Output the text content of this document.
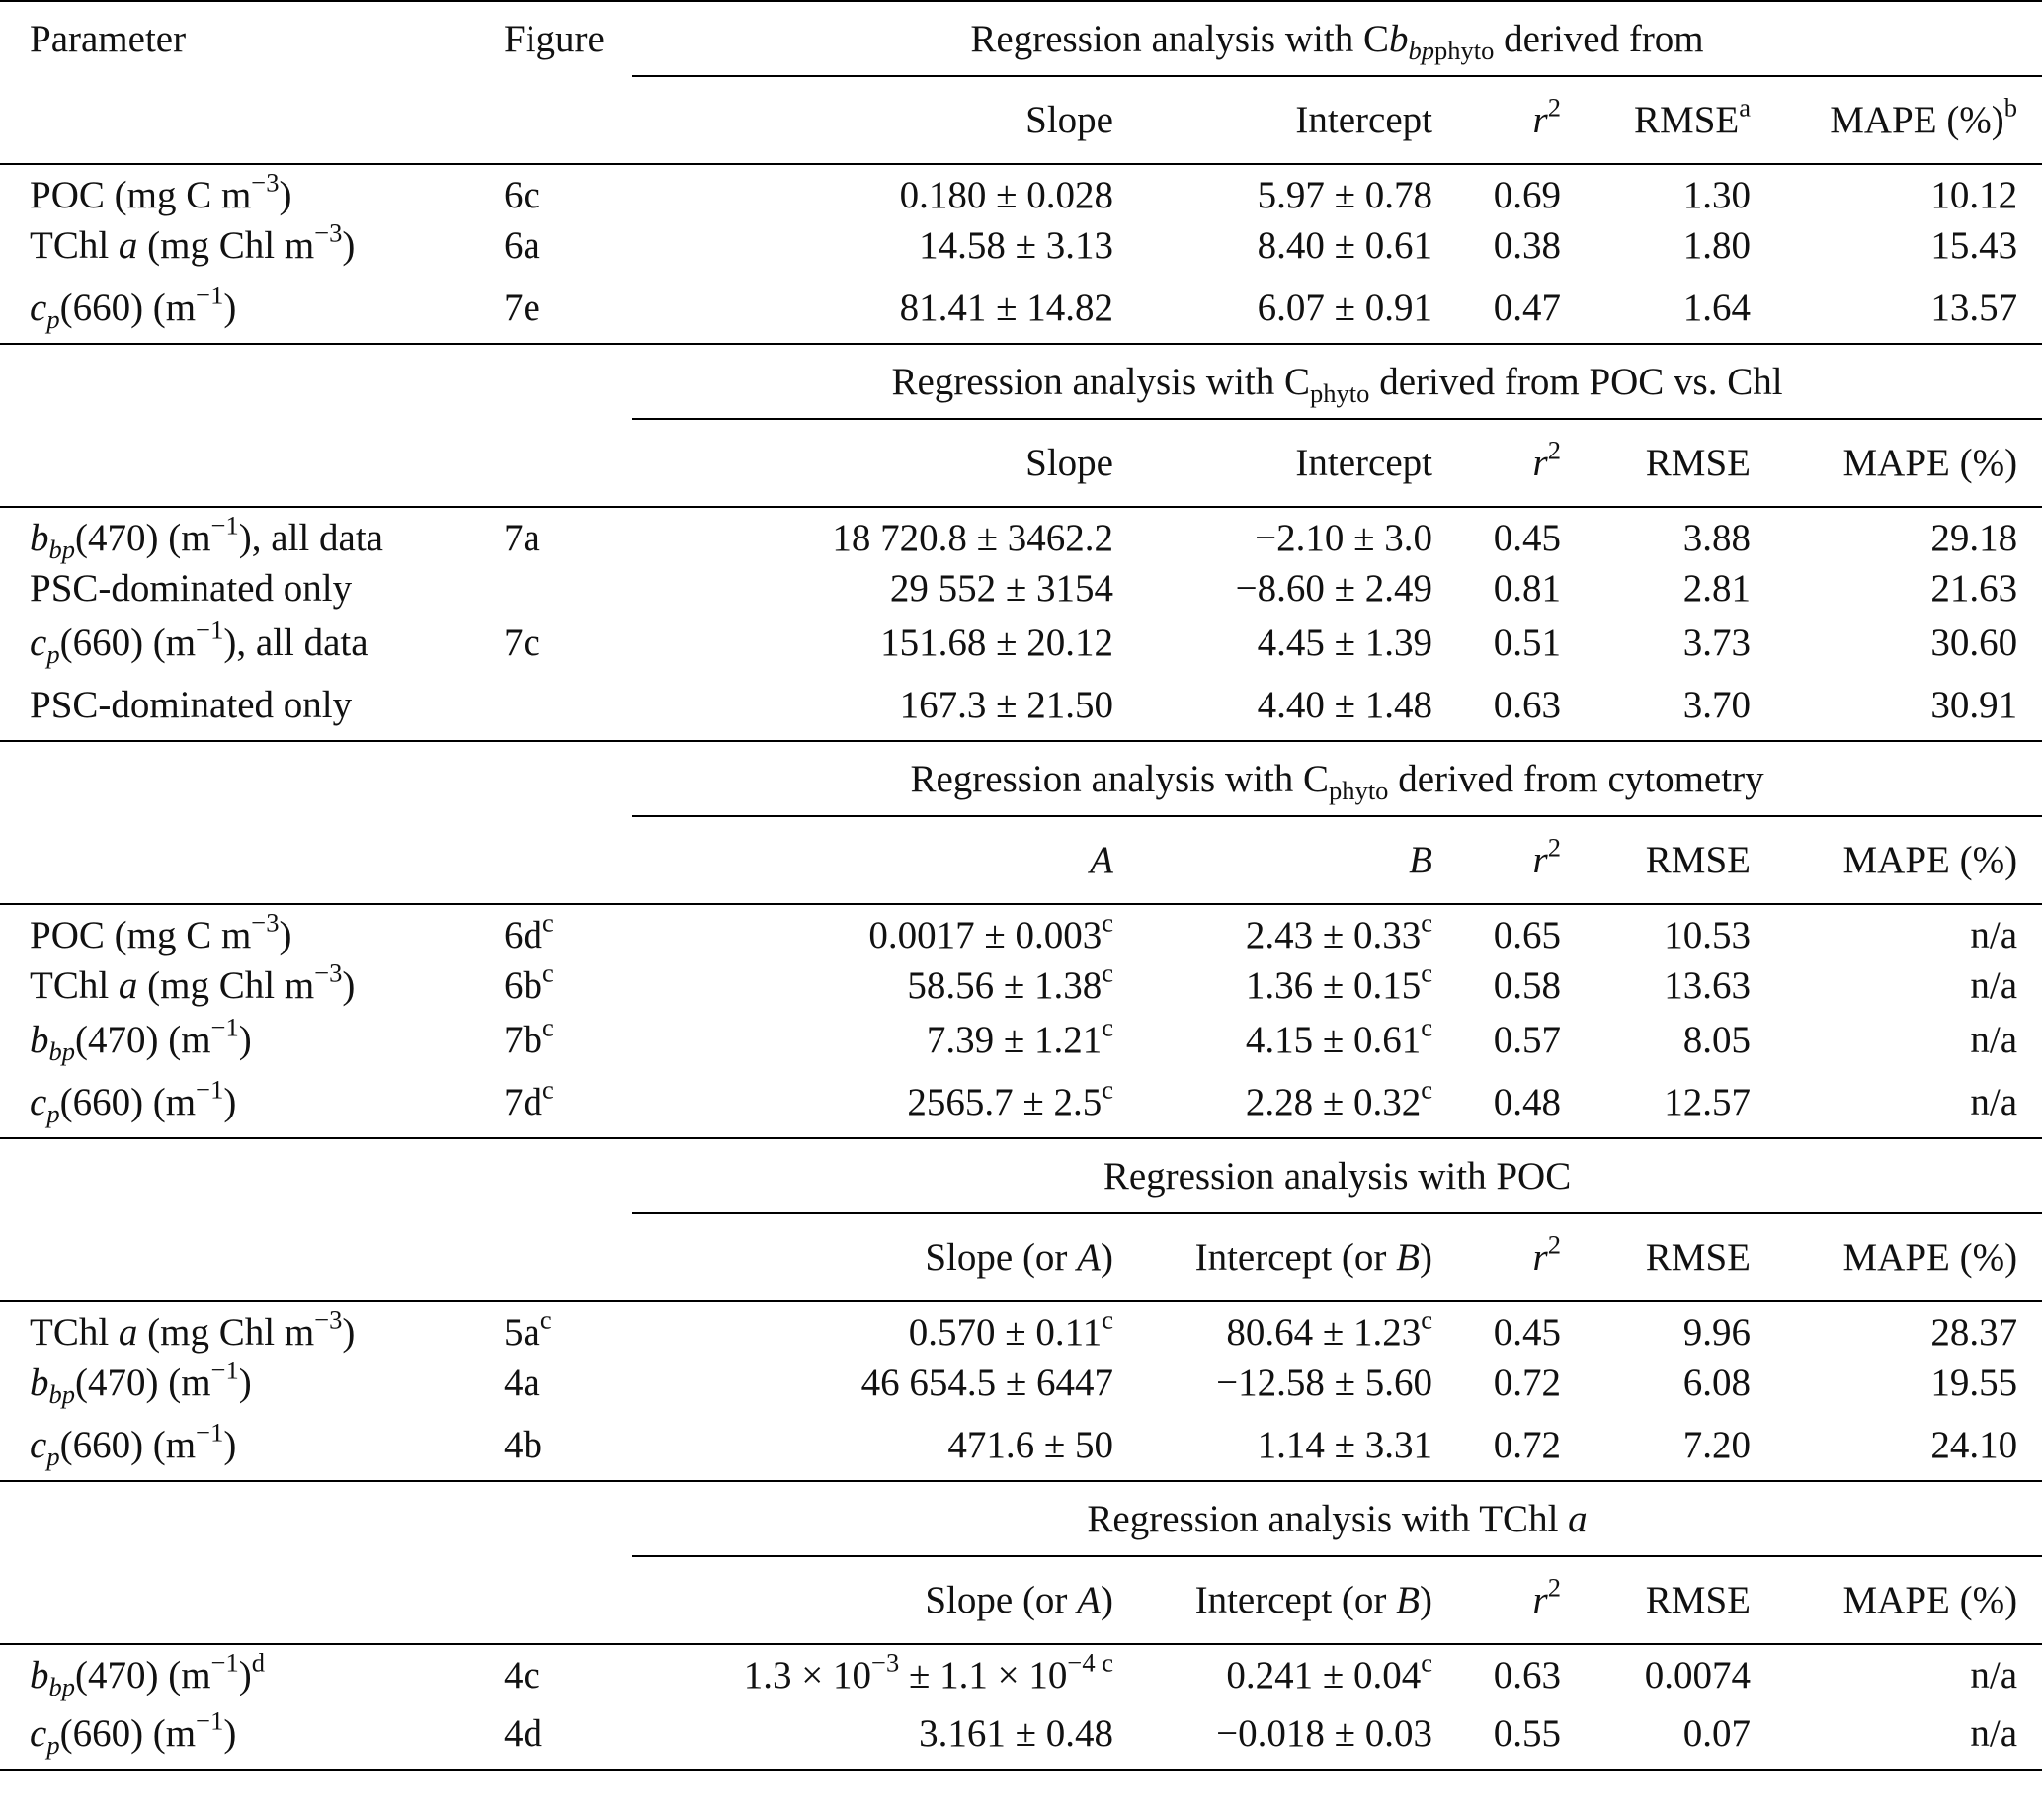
Parameter	Figure	Regression analysis with $Cb_{bpphyto}$ derived from				
		Slope	Intercept	$r^2$	RMSE$^a$	MAPE (%)$^b$
POC (mg C $m^{-3}$)	6c	0.180 ± 0.028	5.97 ± 0.78	0.69	1.30	10.12
TChl a (mg Chl $m^{-3}$)	6a	14.58 ± 3.13	8.40 ± 0.61	0.38	1.80	15.43
$c_p(660)$ $(m^{-1})$	7e	81.41 ± 14.82	6.07 ± 0.91	0.47	1.64	13.57
		Regression analysis with $C_{phyto}$ derived from POC vs. Chl				
		Slope	Intercept	$r^2$	RMSE	MAPE (%)
$b_{bp}(470)$ $(m^{-1})$, all data	7a	18 720.8 ± 3462.2	−2.10 ± 3.0	0.45	3.88	29.18
PSC-dominated only		29 552 ± 3154	−8.60 ± 2.49	0.81	2.81	21.63
$c_p(660)$ $(m^{-1})$, all data	7c	151.68 ± 20.12	4.45 ± 1.39	0.51	3.73	30.60
PSC-dominated only		167.3 ± 21.50	4.40 ± 1.48	0.63	3.70	30.91
		Regression analysis with $C_{phyto}$ derived from cytometry				
		A	B	$r^2$	RMSE	MAPE (%)
POC (mg C $m^{-3}$)	$6d^c$	0.0017 ± 0.003$^c$	2.43 ± 0.33$^c$	0.65	10.53	n/a
TChl a (mg Chl $m^{-3}$)	$6b^c$	58.56 ± 1.38$^c$	1.36 ± 0.15$^c$	0.58	13.63	n/a
$b_{bp}(470)$ $(m^{-1})$	$7b^c$	7.39 ± 1.21$^c$	4.15 ± 0.61$^c$	0.57	8.05	n/a
$c_p(660)$ $(m^{-1})$	$7d^c$	2565.7 ± 2.5$^c$	2.28 ± 0.32$^c$	0.48	12.57	n/a
		Regression analysis with POC				
		Slope (or A)	Intercept (or B)	$r^2$	RMSE	MAPE (%)
TChl a (mg Chl $m^{-3}$)	$5a^c$	0.570 ± 0.11$^c$	80.64 ± 1.23$^c$	0.45	9.96	28.37
$b_{bp}(470)$ $(m^{-1})$	4a	46 654.5 ± 6447	−12.58 ± 5.60	0.72	6.08	19.55
$c_p(660)$ $(m^{-1})$	4b	471.6 ± 50	1.14 ± 3.31	0.72	7.20	24.10
		Regression analysis with TChl a				
		Slope (or A)	Intercept (or B)	$r^2$	RMSE	MAPE (%)
$b_{bp}(470)$ $(m^{-1})^d$	4c	$1.3 \times 10^{-3} \pm 1.1 \times 10^{-4 c}$	0.241 ± 0.04$^c$	0.63	0.0074	n/a
$c_p(660)$ $(m^{-1})$	4d	3.161 ± 0.48	−0.018 ± 0.03	0.55	0.07	n/a
